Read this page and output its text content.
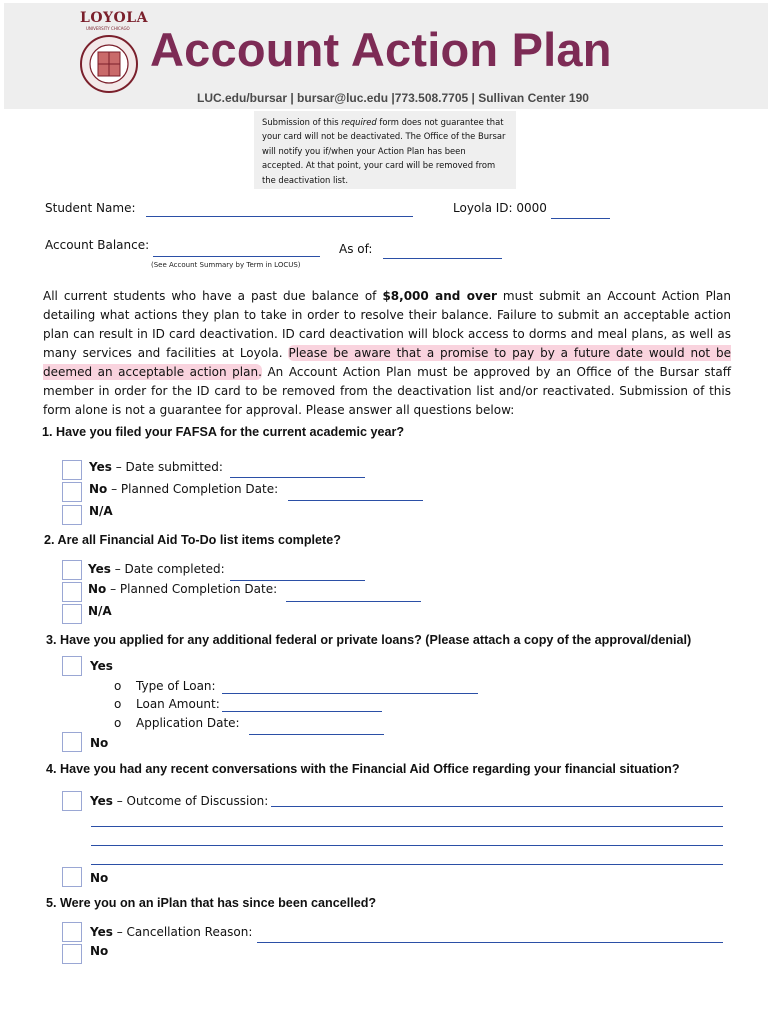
LOYOLA
UNIVERSITY CHICAGO Account Action Plan
LUC.edu/bursar | bursar@luc.edu |773.508.7705 | Sullivan Center 190
Submission of this required form does not guarantee that your card will not be deactivated. The Office of the Bursar will notify you if/when your Action Plan has been accepted. At that point, your card will be removed from the deactivation list.
Student Name:	Loyola ID: 0000
Account Balance:
(See Account Summary by Term in LOCUS)
As of:
All current students who have a past due balance of $8,000 and over must submit an Account Action Plan detailing what actions they plan to take in order to resolve their balance. Failure to submit an acceptable action plan can result in ID card deactivation. ID card deactivation will block access to dorms and meal plans, as well as many services and facilities at Loyola. Please be aware that a promise to pay by a future date would not be deemed an acceptable action plan. An Account Action Plan must be approved by an Office of the Bursar staff member in order for the ID card to be removed from the deactivation list and/or reactivated. Submission of this form alone is not a guarantee for approval. Please answer all questions below:
1. Have you filed your FAFSA for the current academic year?
Yes – Date submitted:
No – Planned Completion Date:
N/A
2. Are all Financial Aid To-Do list items complete?
Yes – Date completed:
No – Planned Completion Date:
N/A
3. Have you applied for any additional federal or private loans? (Please attach a copy of the approval/denial)
Yes
o Type of Loan:
o Loan Amount:
o Application Date:
No
4. Have you had any recent conversations with the Financial Aid Office regarding your financial situation?
Yes – Outcome of Discussion:
No
5. Were you on an iPlan that has since been cancelled?
Yes – Cancellation Reason:
No
